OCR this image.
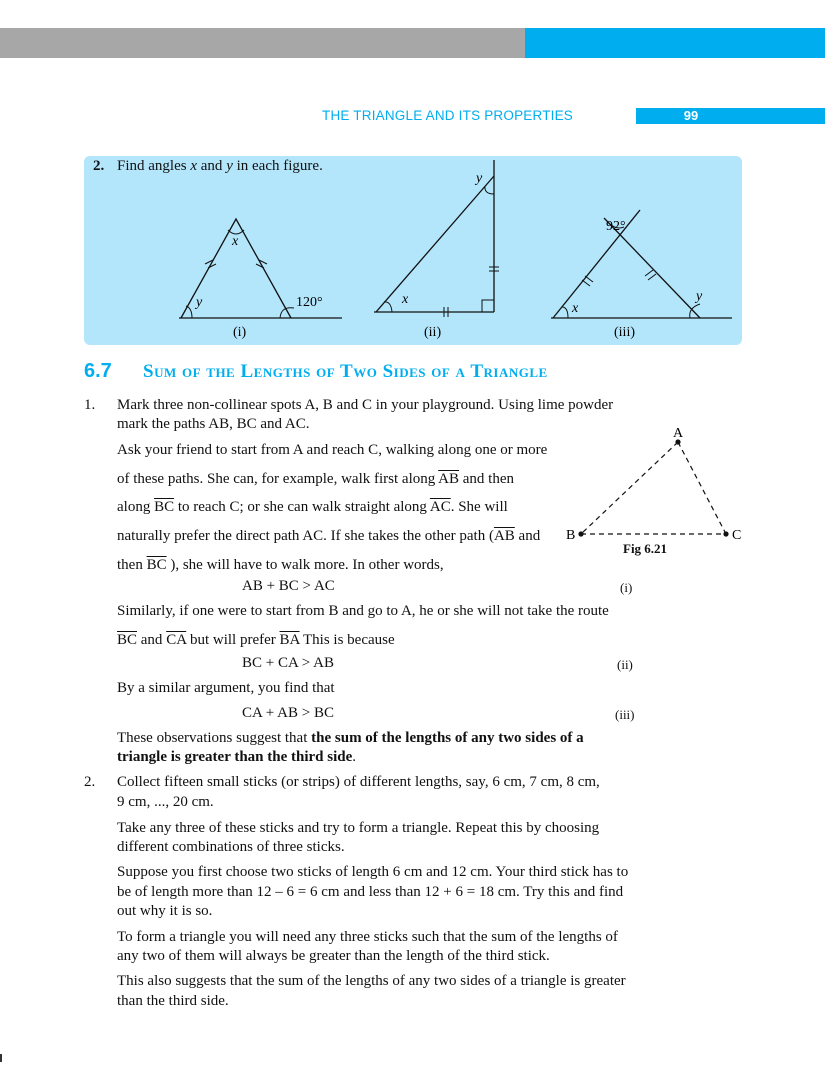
THE TRIANGLE AND ITS PROPERTIES	99
2. Find angles x and y in each figure.
x
y	120°
(i)
x
y
(ii)
x
y
92°
(iii)
6.7 Sum of the Lengths of Two Sides of a Triangle
1. Mark three non-collinear spots A, B and C in your playground. Using lime powder
mark the paths AB, BC and AC.
Ask your friend to start from A and reach C, walking along one or more
of these paths. She can, for example, walk first along $\overline{AB}$ and then
along $\overline{BC}$ to reach C; or she can walk straight along $\overline{AC}$. She will
naturally prefer the direct path AC. If she takes the other path ($\overline{AB}$ and
then $\overline{BC}$ ), she will have to walk more. In other words,
AB + BC > AC	(i)
Similarly, if one were to start from B and go to A, he or she will not take the route
$\overline{BC}$ and $\overline{CA}$ but will prefer $\overline{BA}$ This is because
BC + CA > AB	(ii)
By a similar argument, you find that
CA + AB > BC	(iii)
These observations suggest that the sum of the lengths of any two sides of a
triangle is greater than the third side.
A
B	C
Fig 6.21
2. Collect fifteen small sticks (or strips) of different lengths, say, 6 cm, 7 cm, 8 cm,
9 cm, ..., 20 cm.
Take any three of these sticks and try to form a triangle. Repeat this by choosing
different combinations of three sticks.
Suppose you first choose two sticks of length 6 cm and 12 cm. Your third stick has to
be of length more than 12 – 6 = 6 cm and less than 12 + 6 = 18 cm. Try this and find
out why it is so.
To form a triangle you will need any three sticks such that the sum of the lengths of
any two of them will always be greater than the length of the third stick.
This also suggests that the sum of the lengths of any two sides of a triangle is greater
than the third side.
